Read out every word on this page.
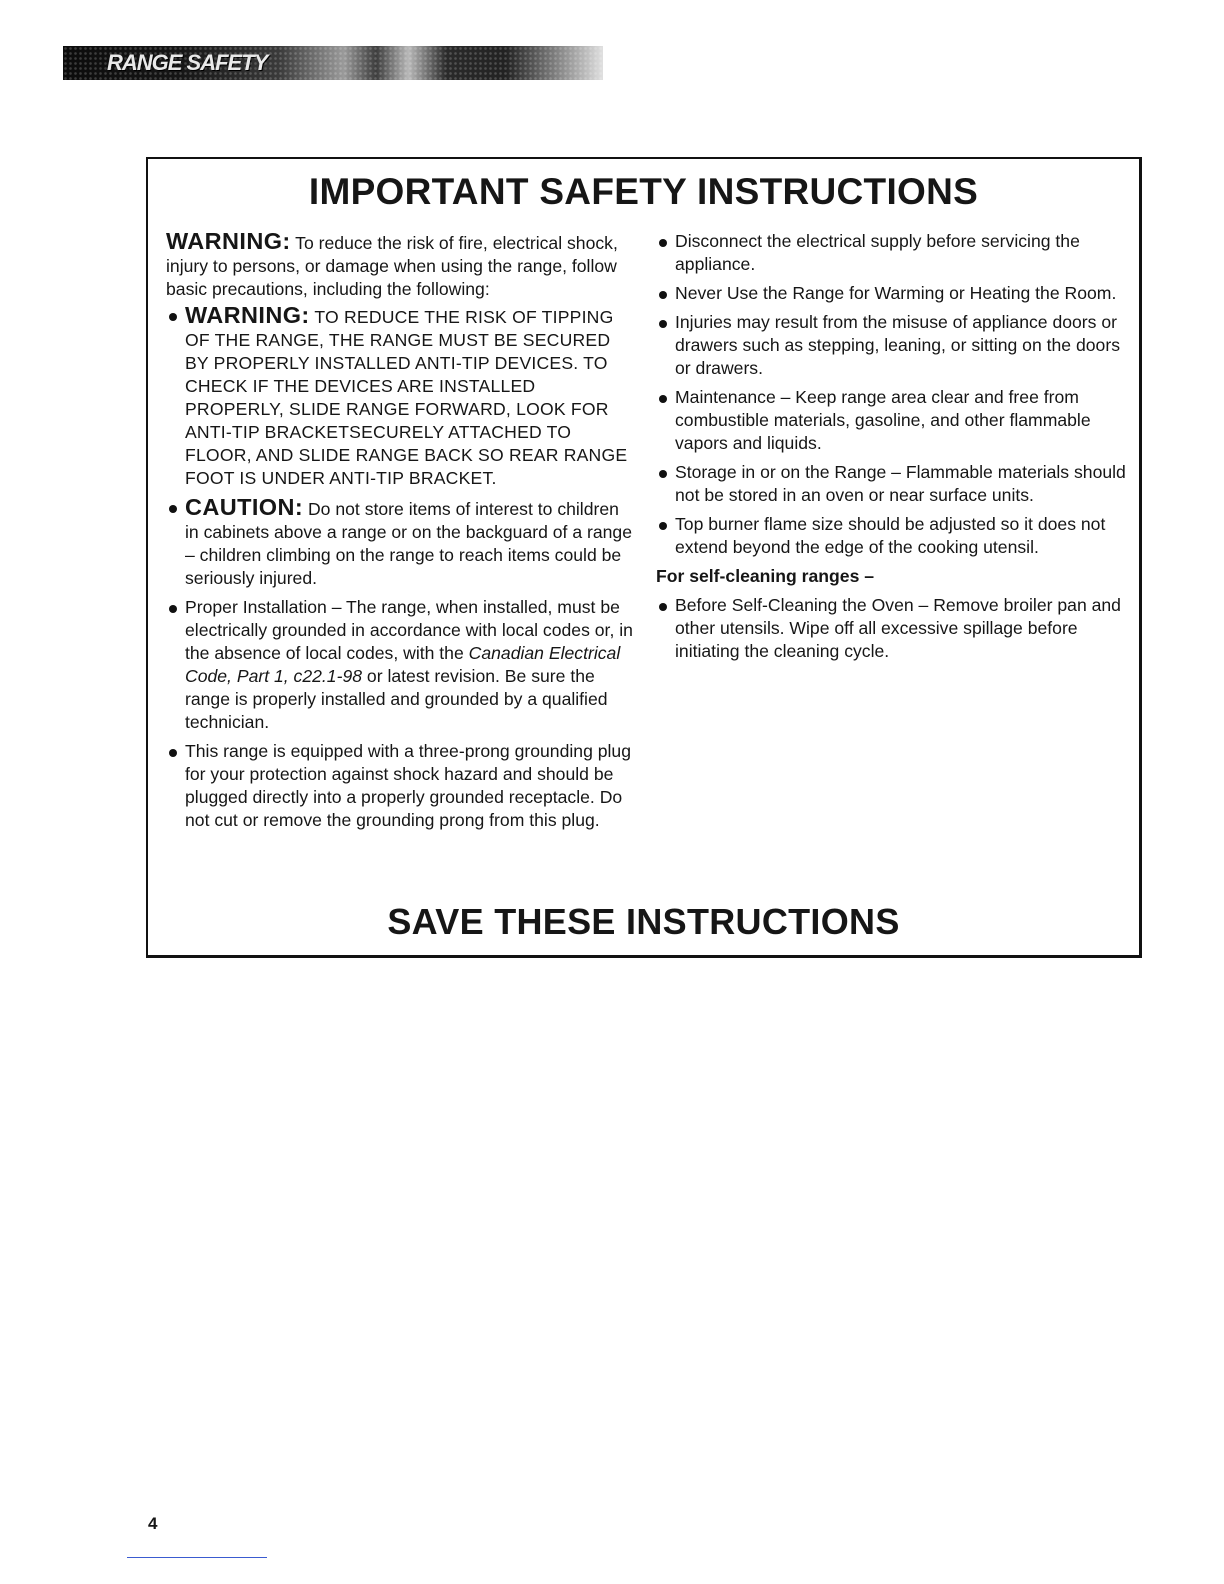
RANGE SAFETY
IMPORTANT SAFETY INSTRUCTIONS

WARNING: To reduce the risk of fire, electrical shock, injury to persons, or damage when using the range, follow basic precautions, including the following:

WARNING: TO REDUCE THE RISK OF TIPPING OF THE RANGE, THE RANGE MUST BE SECURED BY PROPERLY INSTALLED ANTI-TIP DEVICES. TO CHECK IF THE DEVICES ARE INSTALLED PROPERLY, SLIDE RANGE FORWARD, LOOK FOR ANTI-TIP BRACKETSECURELY ATTACHED TO FLOOR, AND SLIDE RANGE BACK SO REAR RANGE FOOT IS UNDER ANTI-TIP BRACKET.
CAUTION: Do not store items of interest to children in cabinets above a range or on the backguard of a range – children climbing on the range to reach items could be seriously injured.
Proper Installation – The range, when installed, must be electrically grounded in accordance with local codes or, in the absence of local codes, with the Canadian Electrical Code, Part 1, c22.1-98 or latest revision. Be sure the range is properly installed and grounded by a qualified technician.
This range is equipped with a three-prong grounding plug for your protection against shock hazard and should be plugged directly into a properly grounded receptacle. Do not cut or remove the grounding prong from this plug.
Disconnect the electrical supply before servicing the appliance.
Never Use the Range for Warming or Heating the Room.
Injuries may result from the misuse of appliance doors or drawers such as stepping, leaning, or sitting on the doors or drawers.
Maintenance – Keep range area clear and free from combustible materials, gasoline, and other flammable vapors and liquids.
Storage in or on the Range – Flammable materials should not be stored in an oven or near surface units.
Top burner flame size should be adjusted so it does not extend beyond the edge of the cooking utensil.

For self-cleaning ranges –

Before Self-Cleaning the Oven – Remove broiler pan and other utensils. Wipe off all excessive spillage before initiating the cleaning cycle.
SAVE THESE INSTRUCTIONS
4
